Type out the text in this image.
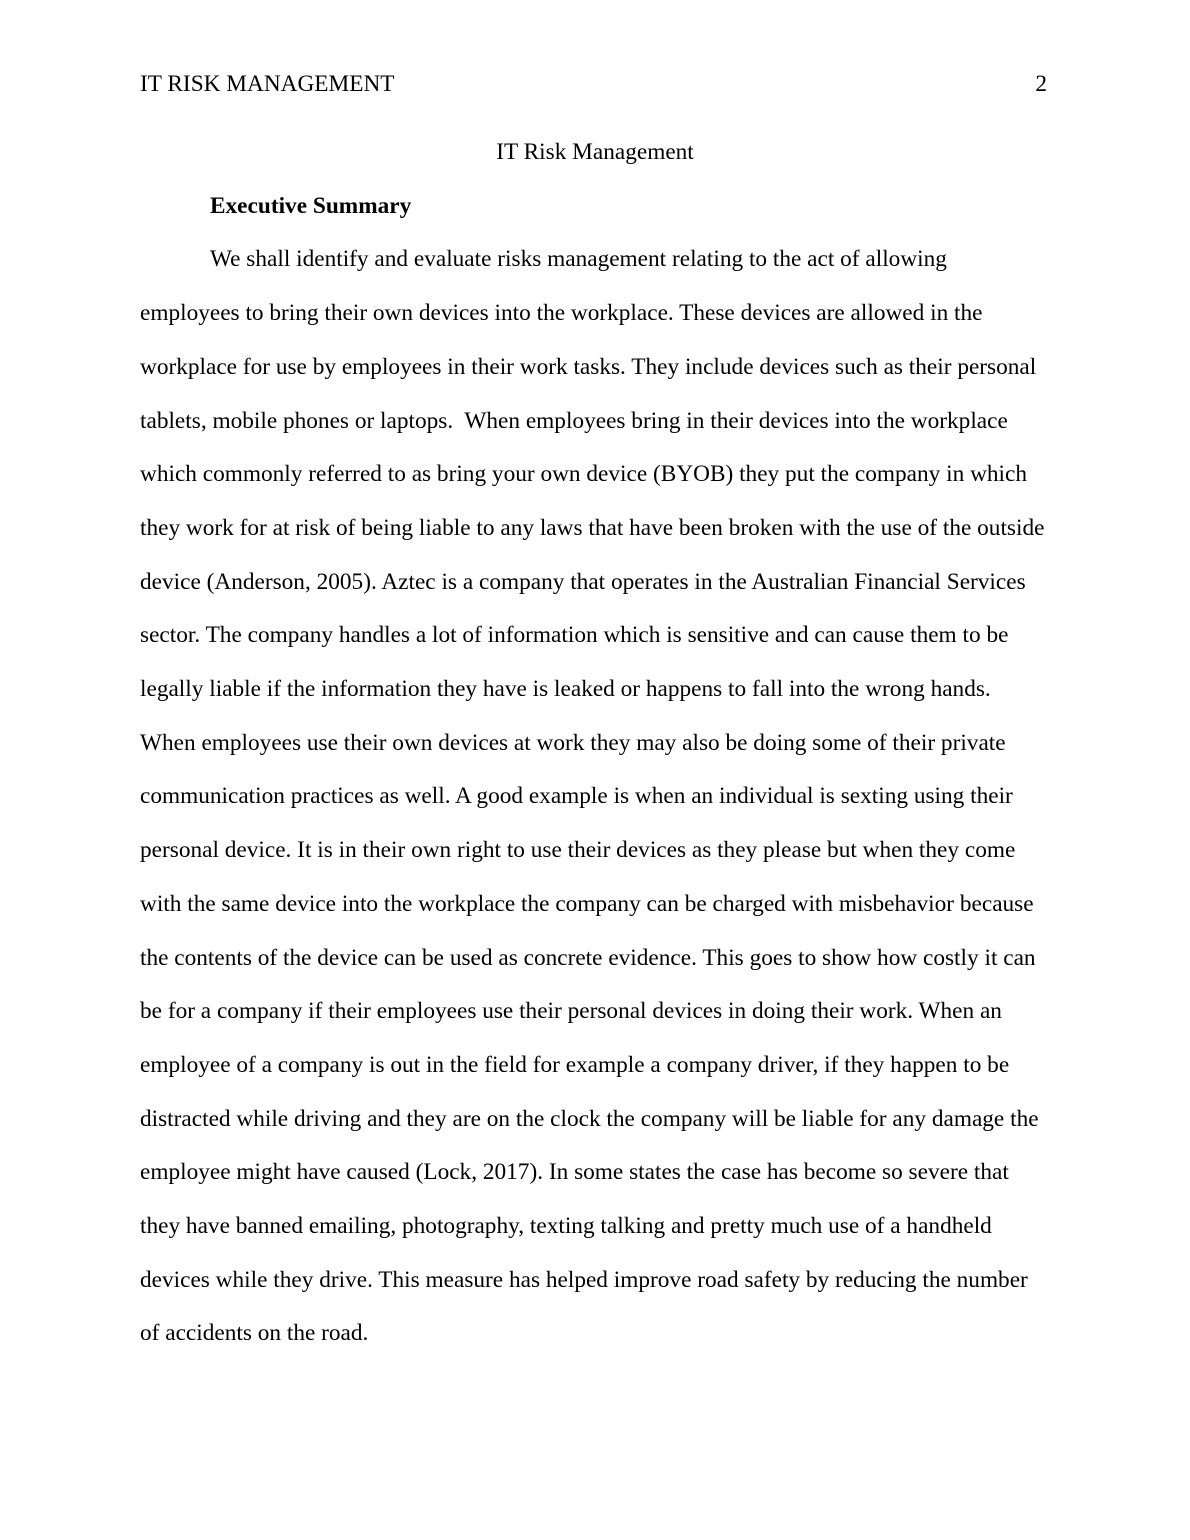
IT RISK MANAGEMENT	2
IT Risk Management
Executive Summary
We shall identify and evaluate risks management relating to the act of allowing
employees to bring their own devices into the workplace. These devices are allowed in the
workplace for use by employees in their work tasks. They include devices such as their personal
tablets, mobile phones or laptops.  When employees bring in their devices into the workplace
which commonly referred to as bring your own device (BYOB) they put the company in which
they work for at risk of being liable to any laws that have been broken with the use of the outside
device (Anderson, 2005). Aztec is a company that operates in the Australian Financial Services
sector. The company handles a lot of information which is sensitive and can cause them to be
legally liable if the information they have is leaked or happens to fall into the wrong hands.
When employees use their own devices at work they may also be doing some of their private
communication practices as well. A good example is when an individual is sexting using their
personal device. It is in their own right to use their devices as they please but when they come
with the same device into the workplace the company can be charged with misbehavior because
the contents of the device can be used as concrete evidence. This goes to show how costly it can
be for a company if their employees use their personal devices in doing their work. When an
employee of a company is out in the field for example a company driver, if they happen to be
distracted while driving and they are on the clock the company will be liable for any damage the
employee might have caused (Lock, 2017). In some states the case has become so severe that
they have banned emailing, photography, texting talking and pretty much use of a handheld
devices while they drive. This measure has helped improve road safety by reducing the number
of accidents on the road.
